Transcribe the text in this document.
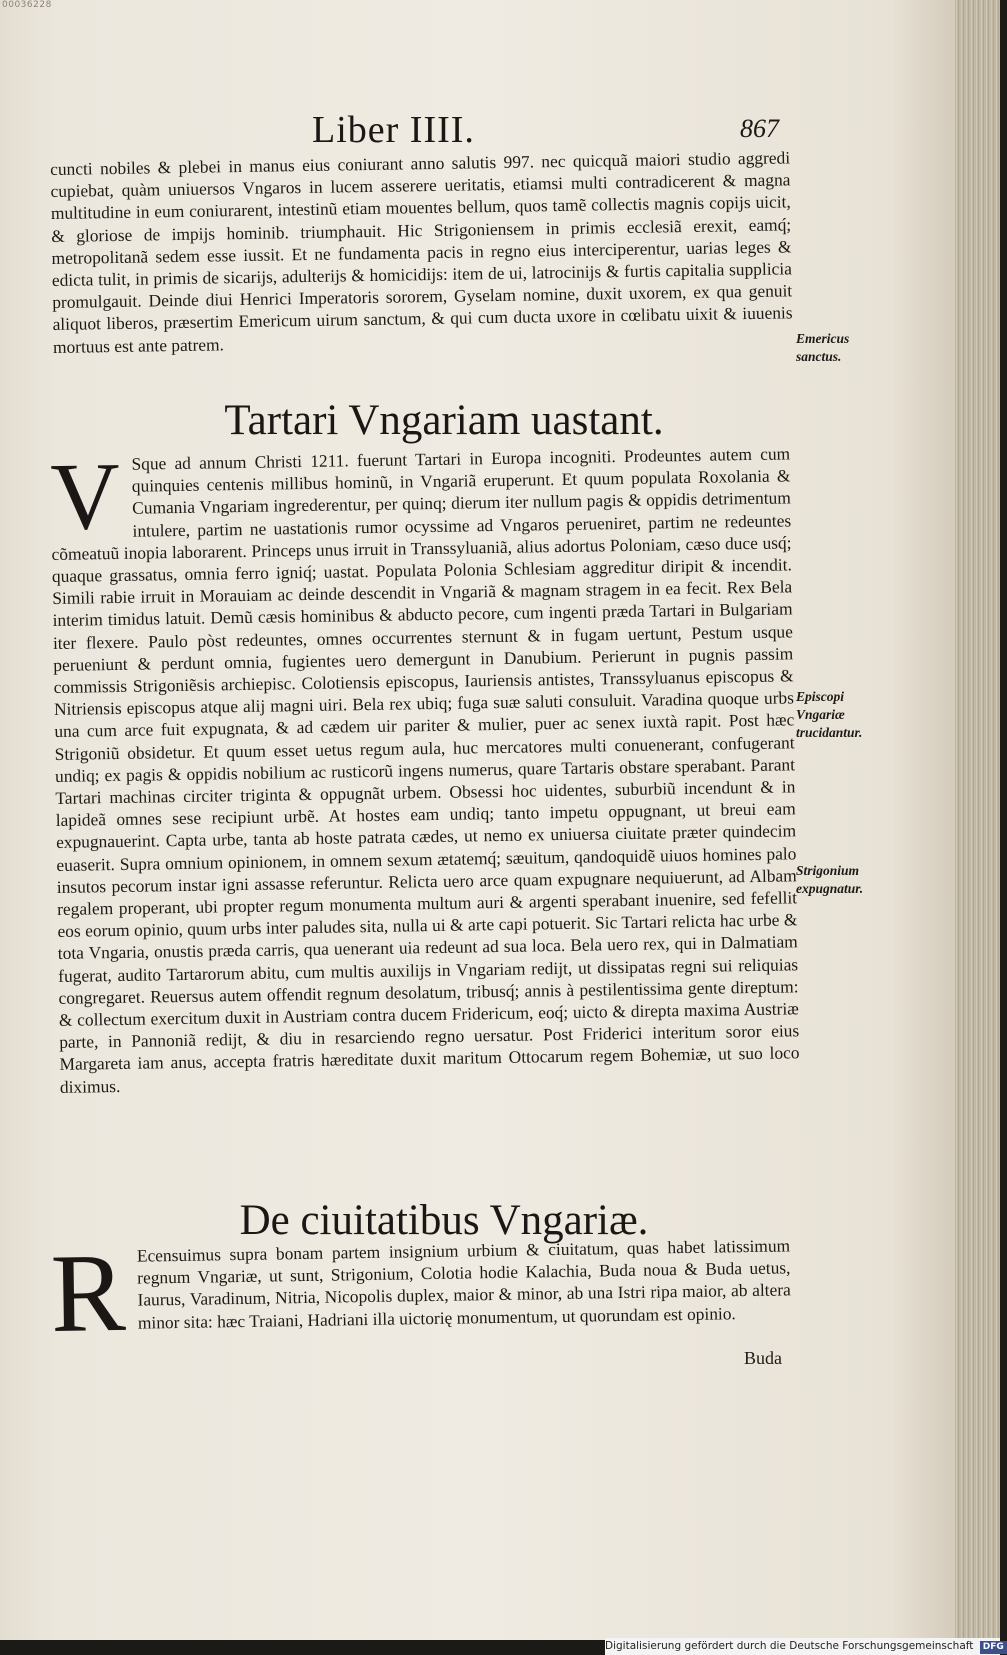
00036228
Liber IIII.	867
cuncti nobiles & plebei in manus eius coniurant anno salutis 997. nec quicquã maiori studio aggredi cupiebat, quàm uniuersos Vngaros in lucem asserere ueritatis, etiamsi multi contradicerent & magna multitudine in eum coniurarent, intestinũ etiam mouentes bellum, quos tamẽ collectis magnis copijs uicit, & gloriose de impijs hominib. triumphauit. Hic Strigoniensem in primis ecclesiã erexit, eamq́; metropolitanã sedem esse iussit. Et ne fundamenta pacis in regno eius interciperentur, uarias leges & edicta tulit, in primis de sicarijs, adulterijs & homicidijs: item de ui, latrocinijs & furtis capitalia supplicia promulgauit. Deinde diui Henrici Imperatoris sororem, Gyselam nomine, duxit uxorem, ex qua genuit aliquot liberos, præsertim Emericum uirum sanctum, & qui cum ducta uxore in cœlibatu uixit & iuuenis mortuus est ante patrem.
Tartari Vngariam uastant.
V Sque ad annum Christi 1211. fuerunt Tartari in Europa incogniti. Prodeuntes autem cum quinquies centenis millibus hominũ, in Vngariã eruperunt. Et quum populata Roxolania & Cumania Vngariam ingrederentur, per quinq; dierum iter nullum pagis & oppidis detrimentum intulere, partim ne uastationis rumor ocyssime ad Vngaros perueniret, partim ne redeuntes cõmeatuũ inopia laborarent. Princeps unus irruit in Transsyluaniã, alius adortus Poloniam, cæso duce usq́; quaque grassatus, omnia ferro igniq́; uastat. Populata Polonia Schlesiam aggreditur diripit & incendit. Simili rabie irruit in Morauiam ac deinde descendit in Vngariã & magnam stragem in ea fecit. Rex Bela interim timidus latuit. Demũ cæsis hominibus & abducto pecore, cum ingenti præda Tartari in Bulgariam iter flexere. Paulo pòst redeuntes, omnes occurrentes sternunt & in fugam uertunt, Pestum usque perueniunt & perdunt omnia, fugientes uero demergunt in Danubium. Perierunt in pugnis passim commissis Strigoniẽsis archiepisc. Colotiensis episcopus, Iauriensis antistes, Transsyluanus episcopus & Nitriensis episcopus atque alij magni uiri. Bela rex ubiq; fuga suæ saluti consuluit. Varadina quoque urbs una cum arce fuit expugnata, & ad cædem uir pariter & mulier, puer ac senex iuxtà rapit. Post hæc Strigoniũ obsidetur. Et quum esset uetus regum aula, huc mercatores multi conuenerant, confugerant undiq; ex pagis & oppidis nobilium ac rusticorũ ingens numerus, quare Tartaris obstare sperabant. Parant Tartari machinas circiter triginta & oppugnãt urbem. Obsessi hoc uidentes, suburbiũ incendunt & in lapideã omnes sese recipiunt urbẽ. At hostes eam undiq; tanto impetu oppugnant, ut breui eam expugnauerint. Capta urbe, tanta ab hoste patrata cædes, ut nemo ex uniuersa ciuitate præter quindecim euaserit. Supra omnium opinionem, in omnem sexum ætatemq́; sæuitum, qandoquidẽ uiuos homines palo insutos pecorum instar igni assasse referuntur. Relicta uero arce quam expugnare nequiuerunt, ad Albam regalem properant, ubi propter regum monumenta multum auri & argenti sperabant inuenire, sed fefellit eos eorum opinio, quum urbs inter paludes sita, nulla ui & arte capi potuerit. Sic Tartari relicta hac urbe & tota Vngaria, onustis præda carris, qua uenerant uia redeunt ad sua loca. Bela uero rex, qui in Dalmatiam fugerat, audito Tartarorum abitu, cum multis auxilijs in Vngariam redijt, ut dissipatas regni sui reliquias congregaret. Reuersus autem offendit regnum desolatum, tribusq́; annis à pestilentissima gente direptum: & collectum exercitum duxit in Austriam contra ducem Fridericum, eoq́; uicto & direpta maxima Austriæ parte, in Pannoniã redijt, & diu in resarciendo regno uersatur. Post Friderici interitum soror eius Margareta iam anus, accepta fratris hæreditate duxit maritum Ottocarum regem Bohemiæ, ut suo loco diximus.
De ciuitatibus Vngariæ.
R Ecensuimus supra bonam partem insignium urbium & ciuitatum, quas habet latissimum regnum Vngariæ, ut sunt, Strigonium, Colotia hodie Kalachia, Buda noua & Buda uetus, Iaurus, Varadinum, Nitria, Nicopolis duplex, maior & minor, ab una Istri ripa maior, ab altera minor sita: hæc Traiani, Hadriani illa uictorię monumentum, ut quorundam est opinio.
Emericus sanctus.
Episcopi Vngariæ trucidantur.
Strigonium expugnatur.
Buda
Digitalisierung gefördert durch die Deutsche Forschungsgemeinschaft DFG
